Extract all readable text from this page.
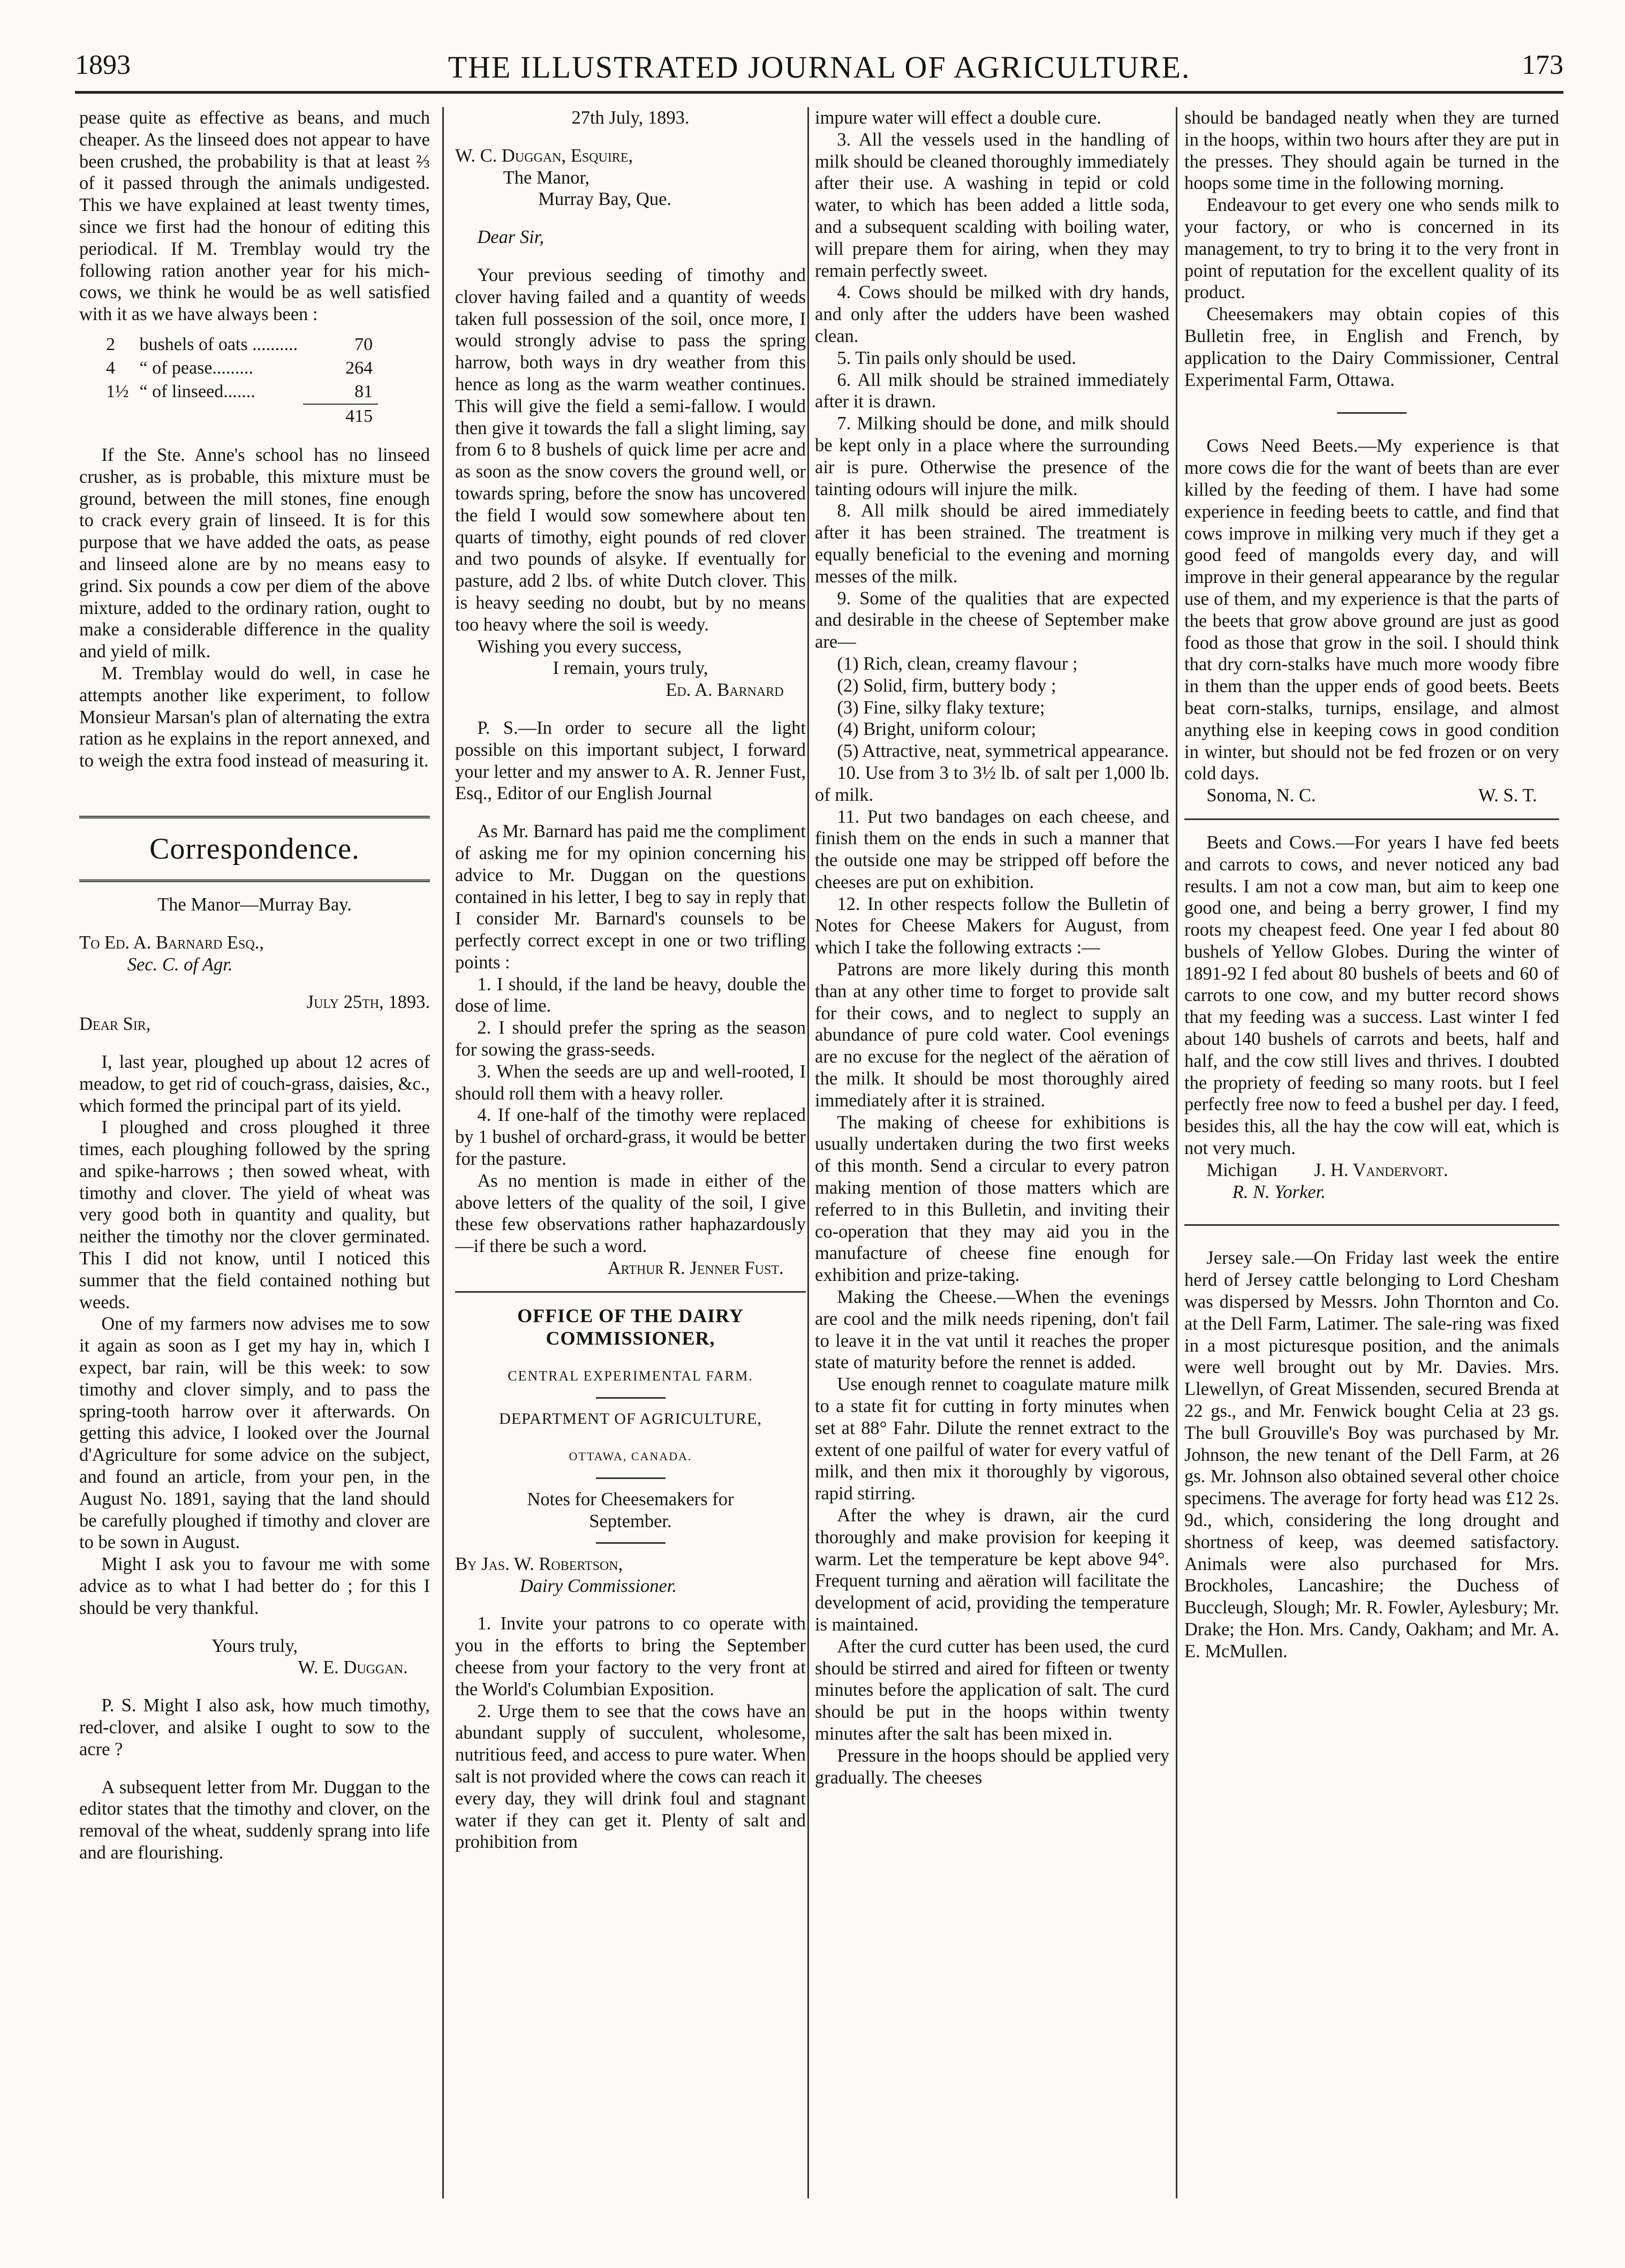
1893	THE ILLUSTRATED JOURNAL OF AGRICULTURE.	173

pease quite as effective as beans, and much cheaper. As the linseed does not appear to have been crushed, the probability is that at least ⅔ of it passed through the animals undigested. This we have explained at least twenty times, since we first had the honour of editing this periodical. If M. Tremblay would try the following ration another year for his mich-cows, we think he would be as well satisfied with it as we have always been :

2	bushels of oats ..........	70
4	“ of pease.........	264
1½	“ of linseed.......	81
		415

If the Ste. Anne's school has no linseed crusher, as is probable, this mixture must be ground, between the mill stones, fine enough to crack every grain of linseed. It is for this purpose that we have added the oats, as pease and linseed alone are by no means easy to grind. Six pounds a cow per diem of the above mixture, added to the ordinary ration, ought to make a considerable difference in the quality and yield of milk.

M. Tremblay would do well, in case he attempts another like experiment, to follow Monsieur Marsan's plan of alternating the extra ration as he explains in the report annexed, and to weigh the extra food instead of measuring it.

Correspondence.

The Manor—Murray Bay.

To Ed. A. Barnard Esq.,

Sec. C. of Agr.

July 25th, 1893.

Dear Sir,

I, last year, ploughed up about 12 acres of meadow, to get rid of couch-grass, daisies, &c., which formed the principal part of its yield.

I ploughed and cross ploughed it three times, each ploughing followed by the spring and spike-harrows ; then sowed wheat, with timothy and clover. The yield of wheat was very good both in quantity and quality, but neither the timothy nor the clover germinated. This I did not know, until I noticed this summer that the field contained nothing but weeds.

One of my farmers now advises me to sow it again as soon as I get my hay in, which I expect, bar rain, will be this week: to sow timothy and clover simply, and to pass the spring-tooth harrow over it afterwards. On getting this advice, I looked over the Journal d'Agriculture for some advice on the subject, and found an article, from your pen, in the August No. 1891, saying that the land should be carefully ploughed if timothy and clover are to be sown in August.

Might I ask you to favour me with some advice as to what I had better do ; for this I should be very thankful.

Yours truly,

W. E. Duggan.

P. S. Might I also ask, how much timothy, red-clover, and alsike I ought to sow to the acre ?

A subsequent letter from Mr. Duggan to the editor states that the timothy and clover, on the removal of the wheat, suddenly sprang into life and are flourishing.

27th July, 1893.

W. C. Duggan, Esquire,

The Manor,

Murray Bay, Que.

Dear Sir,

Your previous seeding of timothy and clover having failed and a quantity of weeds taken full possession of the soil, once more, I would strongly advise to pass the spring harrow, both ways in dry weather from this hence as long as the warm weather continues. This will give the field a semi-fallow. I would then give it towards the fall a slight liming, say from 6 to 8 bushels of quick lime per acre and as soon as the snow covers the ground well, or towards spring, before the snow has uncovered the field I would sow somewhere about ten quarts of timothy, eight pounds of red clover and two pounds of alsyke. If eventually for pasture, add 2 lbs. of white Dutch clover. This is heavy seeding no doubt, but by no means too heavy where the soil is weedy.

Wishing you every success,

I remain, yours truly,

Ed. A. Barnard

P. S.—In order to secure all the light possible on this important subject, I forward your letter and my answer to A. R. Jenner Fust, Esq., Editor of our English Journal

As Mr. Barnard has paid me the compliment of asking me for my opinion concerning his advice to Mr. Duggan on the questions contained in his letter, I beg to say in reply that I consider Mr. Barnard's counsels to be perfectly correct except in one or two trifling points :

1. I should, if the land be heavy, double the dose of lime.

2. I should prefer the spring as the season for sowing the grass-seeds.

3. When the seeds are up and well-rooted, I should roll them with a heavy roller.

4. If one-half of the timothy were replaced by 1 bushel of orchard-grass, it would be better for the pasture.

As no mention is made in either of the above letters of the quality of the soil, I give these few observations rather haphazardously—if there be such a word.

Arthur R. Jenner Fust.

OFFICE OF THE DAIRY
COMMISSIONER,
CENTRAL EXPERIMENTAL FARM.
DEPARTMENT OF AGRICULTURE,
OTTAWA, CANADA.

Notes for Cheesemakers for

September.

By Jas. W. Robertson,

Dairy Commissioner.

1. Invite your patrons to co operate with you in the efforts to bring the September cheese from your factory to the very front at the World's Columbian Exposition.

2. Urge them to see that the cows have an abundant supply of succulent, wholesome, nutritious feed, and access to pure water. When salt is not provided where the cows can reach it every day, they will drink foul and stagnant water if they can get it. Plenty of salt and prohibition from

impure water will effect a double cure.

3. All the vessels used in the handling of milk should be cleaned thoroughly immediately after their use. A washing in tepid or cold water, to which has been added a little soda, and a subsequent scalding with boiling water, will prepare them for airing, when they may remain perfectly sweet.

4. Cows should be milked with dry hands, and only after the udders have been washed clean.

5. Tin pails only should be used.

6. All milk should be strained immediately after it is drawn.

7. Milking should be done, and milk should be kept only in a place where the surrounding air is pure. Otherwise the presence of the tainting odours will injure the milk.

8. All milk should be aired immediately after it has been strained. The treatment is equally beneficial to the evening and morning messes of the milk.

9. Some of the qualities that are expected and desirable in the cheese of September make are—

(1) Rich, clean, creamy flavour ;

(2) Solid, firm, buttery body ;

(3) Fine, silky flaky texture;

(4) Bright, uniform colour;

(5) Attractive, neat, symmetrical appearance.

10. Use from 3 to 3½ lb. of salt per 1,000 lb. of milk.

11. Put two bandages on each cheese, and finish them on the ends in such a manner that the outside one may be stripped off before the cheeses are put on exhibition.

12. In other respects follow the Bulletin of Notes for Cheese Makers for August, from which I take the following extracts :—

Patrons are more likely during this month than at any other time to forget to provide salt for their cows, and to neglect to supply an abundance of pure cold water. Cool evenings are no excuse for the neglect of the aëration of the milk. It should be most thoroughly aired immediately after it is strained.

The making of cheese for exhibitions is usually undertaken during the two first weeks of this month. Send a circular to every patron making mention of those matters which are referred to in this Bulletin, and inviting their co-operation that they may aid you in the manufacture of cheese fine enough for exhibition and prize-taking.

Making the Cheese.—When the evenings are cool and the milk needs ripening, don't fail to leave it in the vat until it reaches the proper state of maturity before the rennet is added.

Use enough rennet to coagulate mature milk to a state fit for cutting in forty minutes when set at 88° Fahr. Dilute the rennet extract to the extent of one pailful of water for every vatful of milk, and then mix it thoroughly by vigorous, rapid stirring.

After the whey is drawn, air the curd thoroughly and make provision for keeping it warm. Let the temperature be kept above 94°. Frequent turning and aëration will facilitate the development of acid, providing the temperature is maintained.

After the curd cutter has been used, the curd should be stirred and aired for fifteen or twenty minutes before the application of salt. The curd should be put in the hoops within twenty minutes after the salt has been mixed in.

Pressure in the hoops should be applied very gradually. The cheeses

should be bandaged neatly when they are turned in the hoops, within two hours after they are put in the presses. They should again be turned in the hoops some time in the following morning.

Endeavour to get every one who sends milk to your factory, or who is concerned in its management, to try to bring it to the very front in point of reputation for the excellent quality of its product.

Cheesemakers may obtain copies of this Bulletin free, in English and French, by application to the Dairy Commissioner, Central Experimental Farm, Ottawa.

Cows Need Beets.—My experience is that more cows die for the want of beets than are ever killed by the feeding of them. I have had some experience in feeding beets to cattle, and find that cows improve in milking very much if they get a good feed of mangolds every day, and will improve in their general appearance by the regular use of them, and my experience is that the parts of the beets that grow above ground are just as good food as those that grow in the soil. I should think that dry corn-stalks have much more woody fibre in them than the upper ends of good beets. Beets beat corn-stalks, turnips, ensilage, and almost anything else in keeping cows in good condition in winter, but should not be fed frozen or on very cold days.

Sonoma, N. C.	W. S. T.

Beets and Cows.—For years I have fed beets and carrots to cows, and never noticed any bad results. I am not a cow man, but aim to keep one good one, and being a berry grower, I find my roots my cheapest feed. One year I fed about 80 bushels of Yellow Globes. During the winter of 1891-92 I fed about 80 bushels of beets and 60 of carrots to one cow, and my butter record shows that my feeding was a success. Last winter I fed about 140 bushels of carrots and beets, half and half, and the cow still lives and thrives. I doubted the propriety of feeding so many roots. but I feel perfectly free now to feed a bushel per day. I feed, besides this, all the hay the cow will eat, which is not very much.

Michigan J. H. Vandervort.

R. N. Yorker.

Jersey sale.—On Friday last week the entire herd of Jersey cattle belonging to Lord Chesham was dispersed by Messrs. John Thornton and Co. at the Dell Farm, Latimer. The sale-ring was fixed in a most picturesque position, and the animals were well brought out by Mr. Davies. Mrs. Llewellyn, of Great Missenden, secured Brenda at 22 gs., and Mr. Fenwick bought Celia at 23 gs. The bull Grouville's Boy was purchased by Mr. Johnson, the new tenant of the Dell Farm, at 26 gs. Mr. Johnson also obtained several other choice specimens. The average for forty head was £12 2s. 9d., which, considering the long drought and shortness of keep, was deemed satisfactory. Animals were also purchased for Mrs. Brockholes, Lancashire; the Duchess of Buccleugh, Slough; Mr. R. Fowler, Aylesbury; Mr. Drake; the Hon. Mrs. Candy, Oakham; and Mr. A. E. McMullen.
